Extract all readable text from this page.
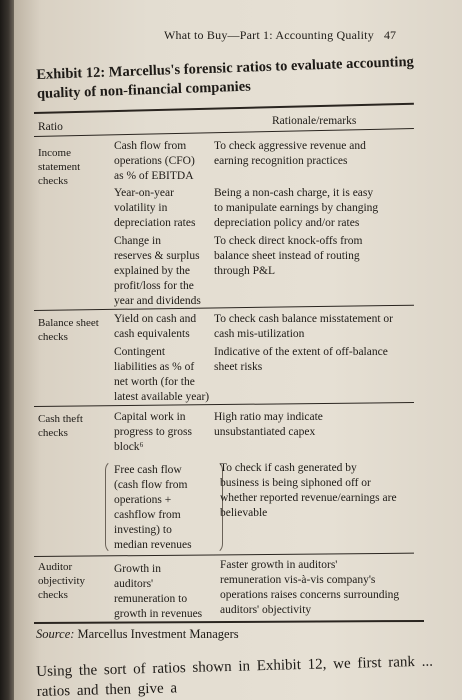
What to Buy—Part 1: Accounting Quality 47
Exhibit 12: Marcellus's forensic ratios to evaluate accounting
quality of non-financial companies
Ratio	Rationale/remarks
Income
statement
checks
Cash flow from
operations (CFO)
as % of EBITDA
To check aggressive revenue and
earning recognition practices
Year-on-year
volatility in
depreciation rates
Being a non-cash charge, it is easy
to manipulate earnings by changing
depreciation policy and/or rates
Change in
reserves & surplus
explained by the
profit/loss for the
year and dividends
To check direct knock-offs from
balance sheet instead of routing
through P&L
Balance sheet
checks
Yield on cash and
cash equivalents
To check cash balance misstatement or
cash mis-utilization
Contingent
liabilities as % of
net worth (for the
latest available year)
Indicative of the extent of off-balance
sheet risks
Cash theft
checks
Capital work in
progress to gross
block⁶
High ratio may indicate
unsubstantiated capex
Free cash flow
(cash flow from
operations +
cashflow from
investing) to
median revenues
To check if cash generated by
business is being siphoned off or
whether reported revenue/earnings are
believable
Auditor
objectivity
checks
Growth in
auditors'
remuneration to
growth in revenues
Faster growth in auditors'
remuneration vis-à-vis company's
operations raises concerns surrounding
auditors' objectivity
Source: Marcellus Investment Managers
Using the sort of ratios shown in Exhibit 12, we first rank ... ratios and then give a
